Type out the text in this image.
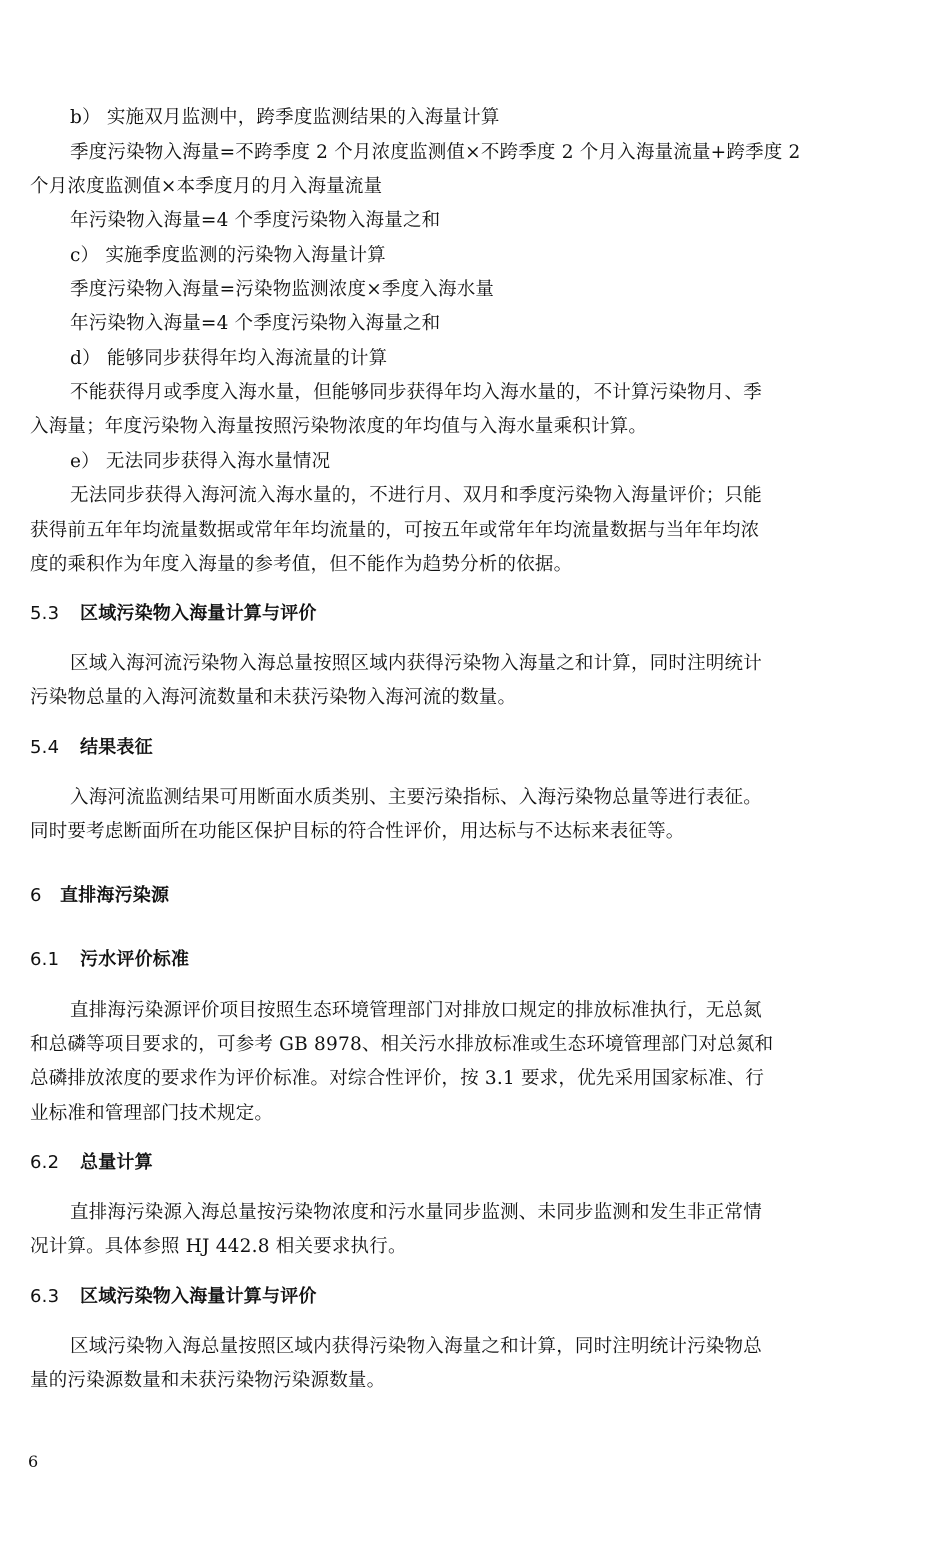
b） 实施双月监测中，跨季度监测结果的入海量计算
季度污染物入海量=不跨季度 2 个月浓度监测值×不跨季度 2 个月入海量流量+跨季度 2
个月浓度监测值×本季度月的月入海量流量
年污染物入海量=4 个季度污染物入海量之和
c） 实施季度监测的污染物入海量计算
季度污染物入海量=污染物监测浓度×季度入海水量
年污染物入海量=4 个季度污染物入海量之和
d） 能够同步获得年均入海流量的计算
不能获得月或季度入海水量，但能够同步获得年均入海水量的，不计算污染物月、季
入海量；年度污染物入海量按照污染物浓度的年均值与入海水量乘积计算。
e） 无法同步获得入海水量情况
无法同步获得入海河流入海水量的，不进行月、双月和季度污染物入海量评价；只能
获得前五年年均流量数据或常年年均流量的，可按五年或常年年均流量数据与当年年均浓
度的乘积作为年度入海量的参考值，但不能作为趋势分析的依据。
5.3 区域污染物入海量计算与评价
区域入海河流污染物入海总量按照区域内获得污染物入海量之和计算，同时注明统计
污染物总量的入海河流数量和未获污染物入海河流的数量。
5.4 结果表征
入海河流监测结果可用断面水质类别、主要污染指标、入海污染物总量等进行表征。
同时要考虑断面所在功能区保护目标的符合性评价，用达标与不达标来表征等。
6 直排海污染源
6.1 污水评价标准
直排海污染源评价项目按照生态环境管理部门对排放口规定的排放标准执行，无总氮
和总磷等项目要求的，可参考 GB 8978、相关污水排放标准或生态环境管理部门对总氮和
总磷排放浓度的要求作为评价标准。对综合性评价，按 3.1 要求，优先采用国家标准、行
业标准和管理部门技术规定。
6.2 总量计算
直排海污染源入海总量按污染物浓度和污水量同步监测、未同步监测和发生非正常情
况计算。具体参照 HJ 442.8 相关要求执行。
6.3 区域污染物入海量计算与评价
区域污染物入海总量按照区域内获得污染物入海量之和计算，同时注明统计污染物总
量的污染源数量和未获污染物污染源数量。
6
